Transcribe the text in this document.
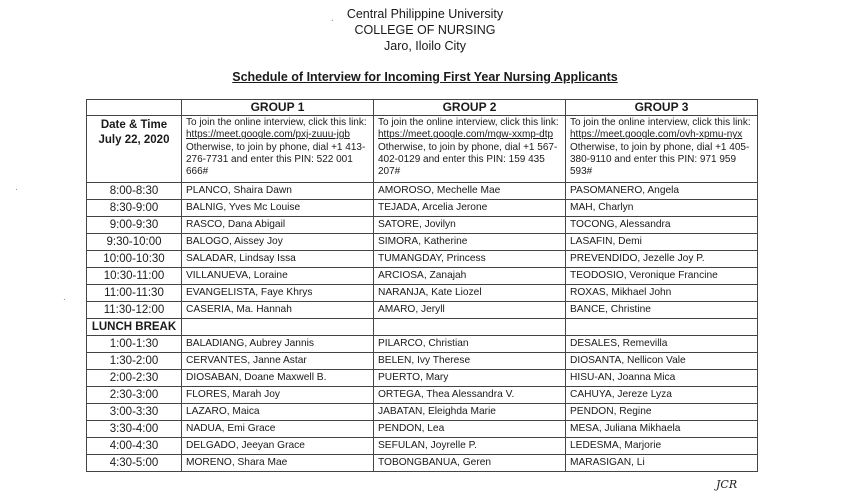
Central Philippine University
COLLEGE OF NURSING
Jaro, Iloilo City
Schedule of Interview for Incoming First Year Nursing Applicants
.
.
.
	GROUP 1	GROUP 2	GROUP 3

Date & Time
July 22, 2020	To join the online interview, click this link: https://meet.google.com/pxj-zuuu-jgb Otherwise, to join by phone, dial +1 413-276-7731 and enter this PIN: 522 001 666#	To join the online interview, click this link: https://meet.google.com/mgw-xxmp-dtp Otherwise, to join by phone, dial +1 567-402-0129 and enter this PIN: 159 435 207#	To join the online interview, click this link: https://meet.google.com/ovh-xpmu-nyx Otherwise, to join by phone, dial +1 405-380-9110 and enter this PIN: 971 959 593#
8:00-8:30	PLANCO, Shaira Dawn	AMOROSO, Mechelle Mae	PASOMANERO, Angela
8:30-9:00	BALNIG, Yves Mc Louise	TEJADA, Arcelia Jerone	MAH, Charlyn
9:00-9:30	RASCO, Dana Abigail	SATORE, Jovilyn	TOCONG, Alessandra
9:30-10:00	BALOGO, Aissey Joy	SIMORA, Katherine	LASAFIN, Demi
10:00-10:30	SALADAR, Lindsay Issa	TUMANGDAY, Princess	PREVENDIDO, Jezelle Joy P.
10:30-11:00	VILLANUEVA, Loraine	ARCIOSA, Zanajah	TEODOSIO, Veronique Francine
11:00-11:30	EVANGELISTA, Faye Khrys	NARANJA, Kate Liozel	ROXAS, Mikhael John
11:30-12:00	CASERIA, Ma. Hannah	AMARO, Jeryll	BANCE, Christine
LUNCH BREAK			
1:00-1:30	BALADIANG, Aubrey Jannis	PILARCO, Christian	DESALES, Remevilla
1:30-2:00	CERVANTES, Janne Astar	BELEN, Ivy Therese	DIOSANTA, Nellicon Vale
2:00-2:30	DIOSABAN, Doane Maxwell B.	PUERTO, Mary	HISU-AN, Joanna Mica
2:30-3:00	FLORES, Marah Joy	ORTEGA, Thea Alessandra V.	CAHUYA, Jereze Lyza
3:00-3:30	LAZARO, Maica	JABATAN, Eleighda Marie	PENDON, Regine
3:30-4:00	NADUA, Emi Grace	PENDON, Lea	MESA, Juliana Mikhaela
4:00-4:30	DELGADO, Jeeyan Grace	SEFULAN, Joyrelle P.	LEDESMA, Marjorie
4:30-5:00	MORENO, Shara Mae	TOBONGBANUA, Geren	MARASIGAN, Li
JCR
